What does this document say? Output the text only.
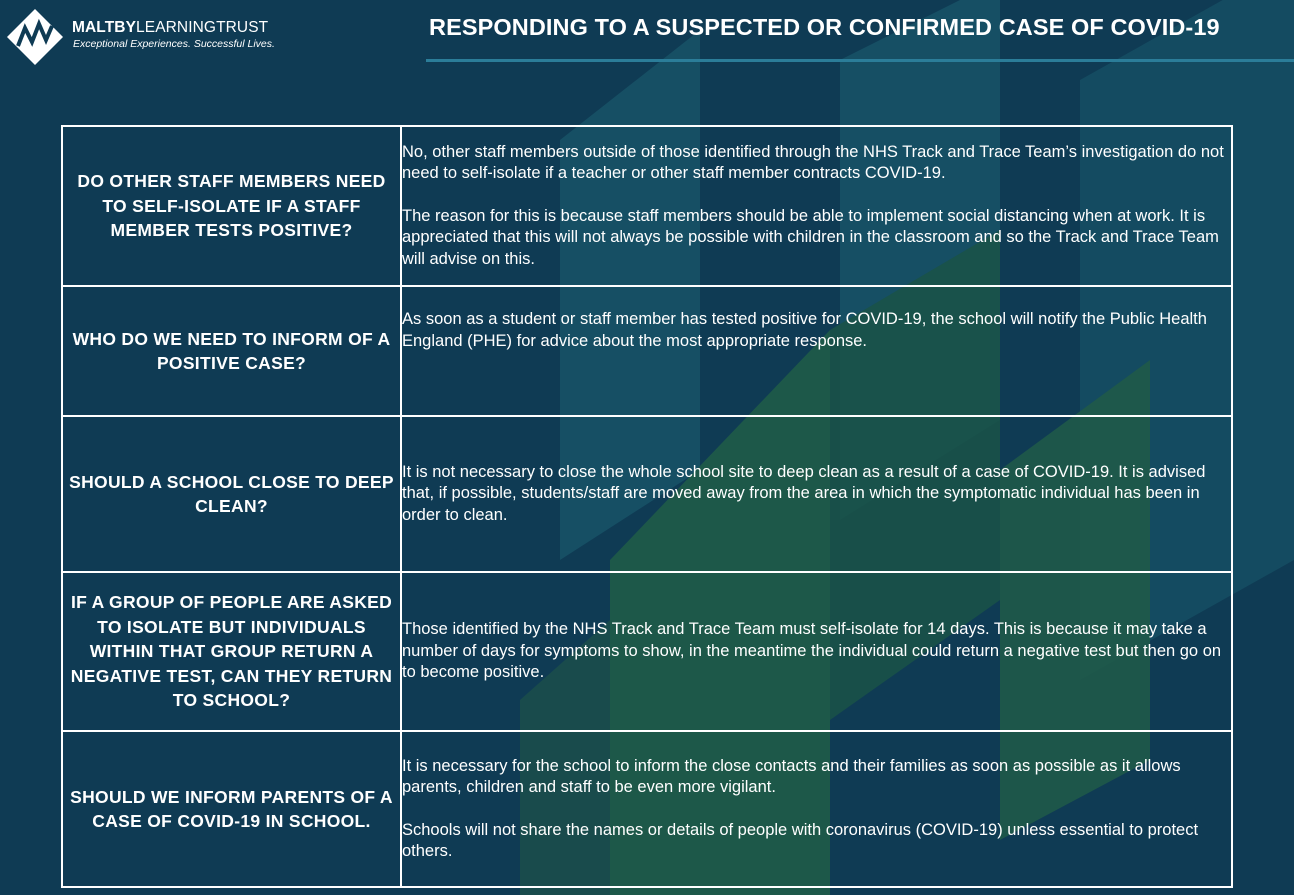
MALTBYLEARNINGTRUST
Exceptional Experiences. Successful Lives.
RESPONDING TO A SUSPECTED OR CONFIRMED CASE OF COVID-19
DO OTHER STAFF MEMBERS NEED TO SELF-ISOLATE IF A STAFF MEMBER TESTS POSITIVE?	No, other staff members outside of those identified through the NHS Track and Trace Team’s investigation do not need to self-isolate if a teacher or other staff member contracts COVID-19.

The reason for this is because staff members should be able to implement social distancing when at work. It is appreciated that this will not always be possible with children in the classroom and so the Track and Trace Team will advise on this.

WHO DO WE NEED TO INFORM OF A POSITIVE CASE?	As soon as a student or staff member has tested positive for COVID-19, the school will notify the Public Health England (PHE) for advice about the most appropriate response.

SHOULD A SCHOOL CLOSE TO DEEP CLEAN?	It is not necessary to close the whole school site to deep clean as a result of a case of COVID-19. It is advised that, if possible, students/staff are moved away from the area in which the symptomatic individual has been in order to clean.

IF A GROUP OF PEOPLE ARE ASKED TO ISOLATE BUT INDIVIDUALS WITHIN THAT GROUP RETURN A NEGATIVE TEST, CAN THEY RETURN TO SCHOOL?	Those identified by the NHS Track and Trace Team must self-isolate for 14 days. This is because it may take a number of days for symptoms to show, in the meantime the individual could return a negative test but then go on to become positive.

SHOULD WE INFORM PARENTS OF A CASE OF COVID-19 IN SCHOOL.	It is necessary for the school to inform the close contacts and their families as soon as possible as it allows parents, children and staff to be even more vigilant.

Schools will not share the names or details of people with coronavirus (COVID-19) unless essential to protect others.
